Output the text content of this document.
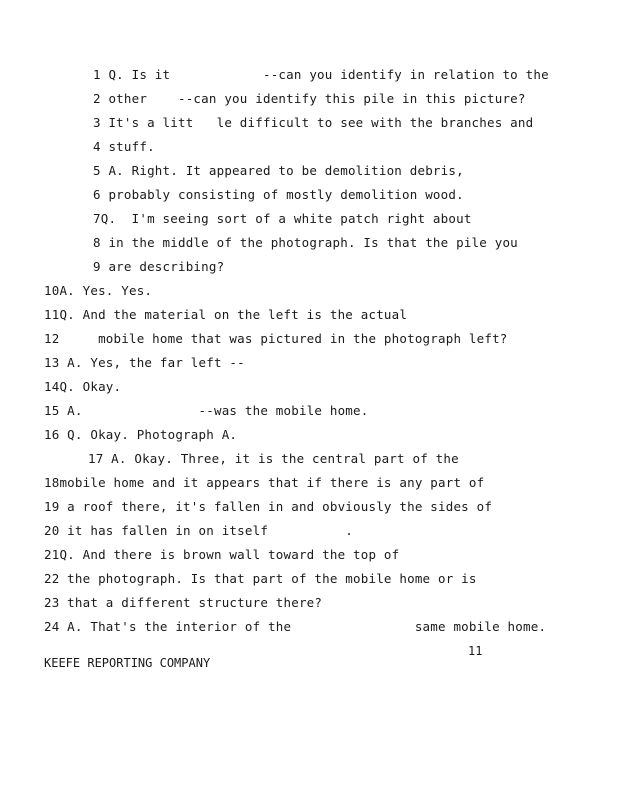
1 Q. Is it            --can you identify in relation to the
2 other    --can you identify this pile in this picture?
3 It's a litt   le difficult to see with the branches and
4 stuff.
5 A. Right. It appeared to be demolition debris,
6 probably consisting of mostly demolition wood.
7Q.  I'm seeing sort of a white patch right about
8 in the middle of the photograph. Is that the pile you
9 are describing?
10A. Yes. Yes.
11Q. And the material on the left is the actual
12     mobile home that was pictured in the photograph left?
13 A. Yes, the far left --
14Q. Okay.
15 A.               --was the mobile home.
16 Q. Okay. Photograph A.
17 A. Okay. Three, it is the central part of the
18mobile home and it appears that if there is any part of
19 a roof there, it's fallen in and obviously the sides of
20 it has fallen in on itself          .
21Q. And there is brown wall toward the top of
22 the photograph. Is that part of the mobile home or is
23 that a different structure there?
24 A. That's the interior of the                same mobile home.
11
KEEFE REPORTING COMPANY
